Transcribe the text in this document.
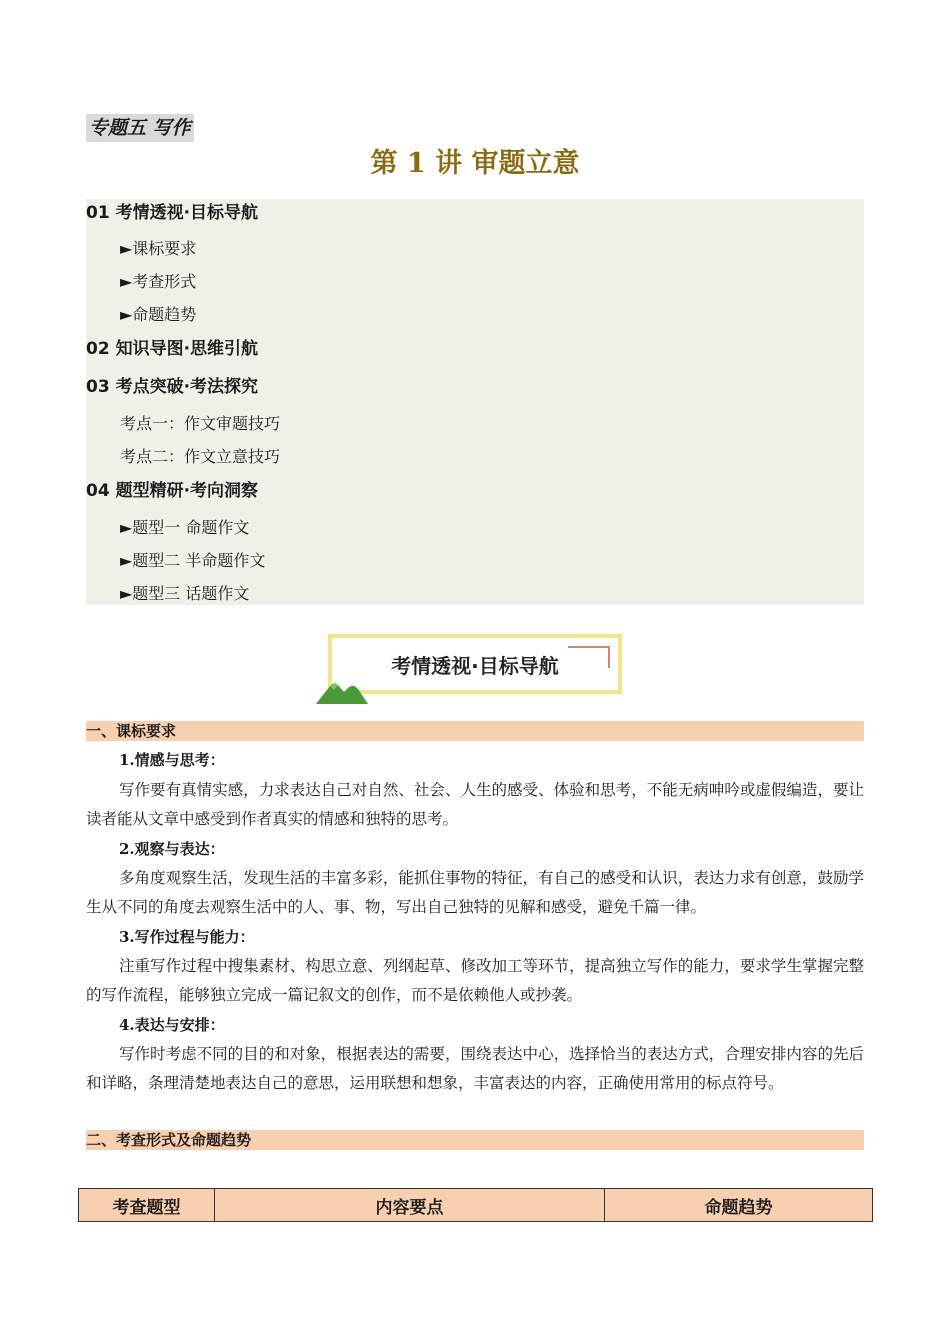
专题五 写作
第 1 讲 审题立意
01 考情透视·目标导航
►课标要求
►考查形式
►命题趋势
02 知识导图·思维引航
03 考点突破·考法探究
考点一：作文审题技巧
考点二：作文立意技巧
04 题型精研·考向洞察
►题型一 命题作文
►题型二 半命题作文
►题型三 话题作文
考情透视·目标导航
一、课标要求
1.情感与思考：
写作要有真情实感，力求表达自己对自然、社会、人生的感受、体验和思考，不能无病呻吟或虚假编造，要让读者能从文章中感受到作者真实的情感和独特的思考。
2.观察与表达：
多角度观察生活，发现生活的丰富多彩，能抓住事物的特征，有自己的感受和认识，表达力求有创意，鼓励学生从不同的角度去观察生活中的人、事、物，写出自己独特的见解和感受，避免千篇一律。
3.写作过程与能力：
注重写作过程中搜集素材、构思立意、列纲起草、修改加工等环节，提高独立写作的能力，要求学生掌握完整的写作流程，能够独立完成一篇记叙文的创作，而不是依赖他人或抄袭。
4.表达与安排：
写作时考虑不同的目的和对象，根据表达的需要，围绕表达中心，选择恰当的表达方式，合理安排内容的先后和详略，条理清楚地表达自己的意思，运用联想和想象，丰富表达的内容，正确使用常用的标点符号。
二、考查形式及命题趋势
考查题型	内容要点	命题趋势
